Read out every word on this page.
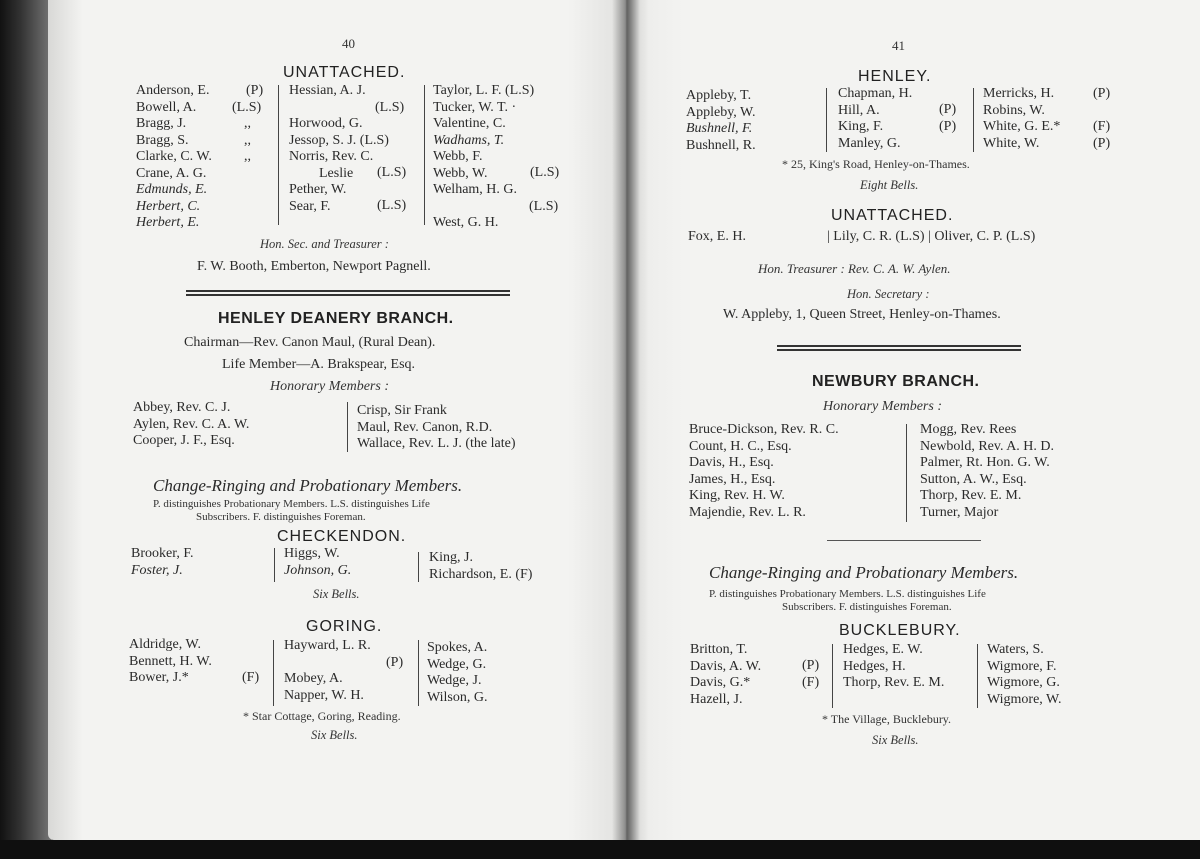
40
UNATTACHED.
Anderson, E.
Bowell, A.
Bragg, J.
Bragg, S.
Clarke, C. W.
Crane, A. G.
Edmunds, E.
Herbert, C.
Herbert, E.
(P)
(L.S)
,,
,,
,,
Hessian, A. J.
(L.S)
Horwood, G.
Jessop, S. J. (L.S)
Norris, Rev. C.
Leslie
Pether, W.
Sear, F.
(L.S)
(L.S)
Taylor, L. F. (L.S)
Tucker, W. T. ·
Valentine, C.
Wadhams, T.
Webb, F.
Webb, W.
Welham, H. G.
(L.S)
West, G. H.
(L.S)
Hon. Sec. and Treasurer :
F. W. Booth, Emberton, Newport Pagnell.
HENLEY DEANERY BRANCH.
Chairman—Rev. Canon Maul, (Rural Dean).
Life Member—A. Brakspear, Esq.
Honorary Members :
Abbey, Rev. C. J.
Aylen, Rev. C. A. W.
Cooper, J. F., Esq.
Crisp, Sir Frank
Maul, Rev. Canon, R.D.
Wallace, Rev. L. J. (the late)
Change-Ringing and Probationary Members.
P. distinguishes Probationary Members. L.S. distinguishes Life
Subscribers. F. distinguishes Foreman.
CHECKENDON.
Brooker, F.
Foster, J.
Higgs, W.
Johnson, G.
King, J.
Richardson, E. (F)
Six Bells.
GORING.
Aldridge, W.
Bennett, H. W.
Bower, J.*	(F)
Hayward, L. R.
(P)
Mobey, A.
Napper, W. H.
Spokes, A.
Wedge, G.
Wedge, J.
Wilson, G.
* Star Cottage, Goring, Reading.
Six Bells.
41
HENLEY.
Appleby, T.
Appleby, W.
Bushnell, F.
Bushnell, R.
Chapman, H.
Hill, A.
King, F.
Manley, G.
(P)
(P)
Merricks, H.
Robins, W.
White, G. E.*
White, W.
(P)
(F)
(P)
* 25, King's Road, Henley-on-Thames.
Eight Bells.
UNATTACHED.
Fox, E. H.	| Lily, C. R. (L.S) | Oliver, C. P. (L.S)
Hon. Treasurer : Rev. C. A. W. Aylen.
Hon. Secretary :
W. Appleby, 1, Queen Street, Henley-on-Thames.
NEWBURY BRANCH.
Honorary Members :
Bruce-Dickson, Rev. R. C.
Count, H. C., Esq.
Davis, H., Esq.
James, H., Esq.
King, Rev. H. W.
Majendie, Rev. L. R.
Mogg, Rev. Rees
Newbold, Rev. A. H. D.
Palmer, Rt. Hon. G. W.
Sutton, A. W., Esq.
Thorp, Rev. E. M.
Turner, Major
Change-Ringing and Probationary Members.
P. distinguishes Probationary Members. L.S. distinguishes Life
Subscribers. F. distinguishes Foreman.
BUCKLEBURY.
Britton, T.
Davis, A. W.
Davis, G.*
Hazell, J.
(P)
(F)
Hedges, E. W.
Hedges, H.
Thorp, Rev. E. M.
Waters, S.
Wigmore, F.
Wigmore, G.
Wigmore, W.
* The Village, Bucklebury.
Six Bells.
